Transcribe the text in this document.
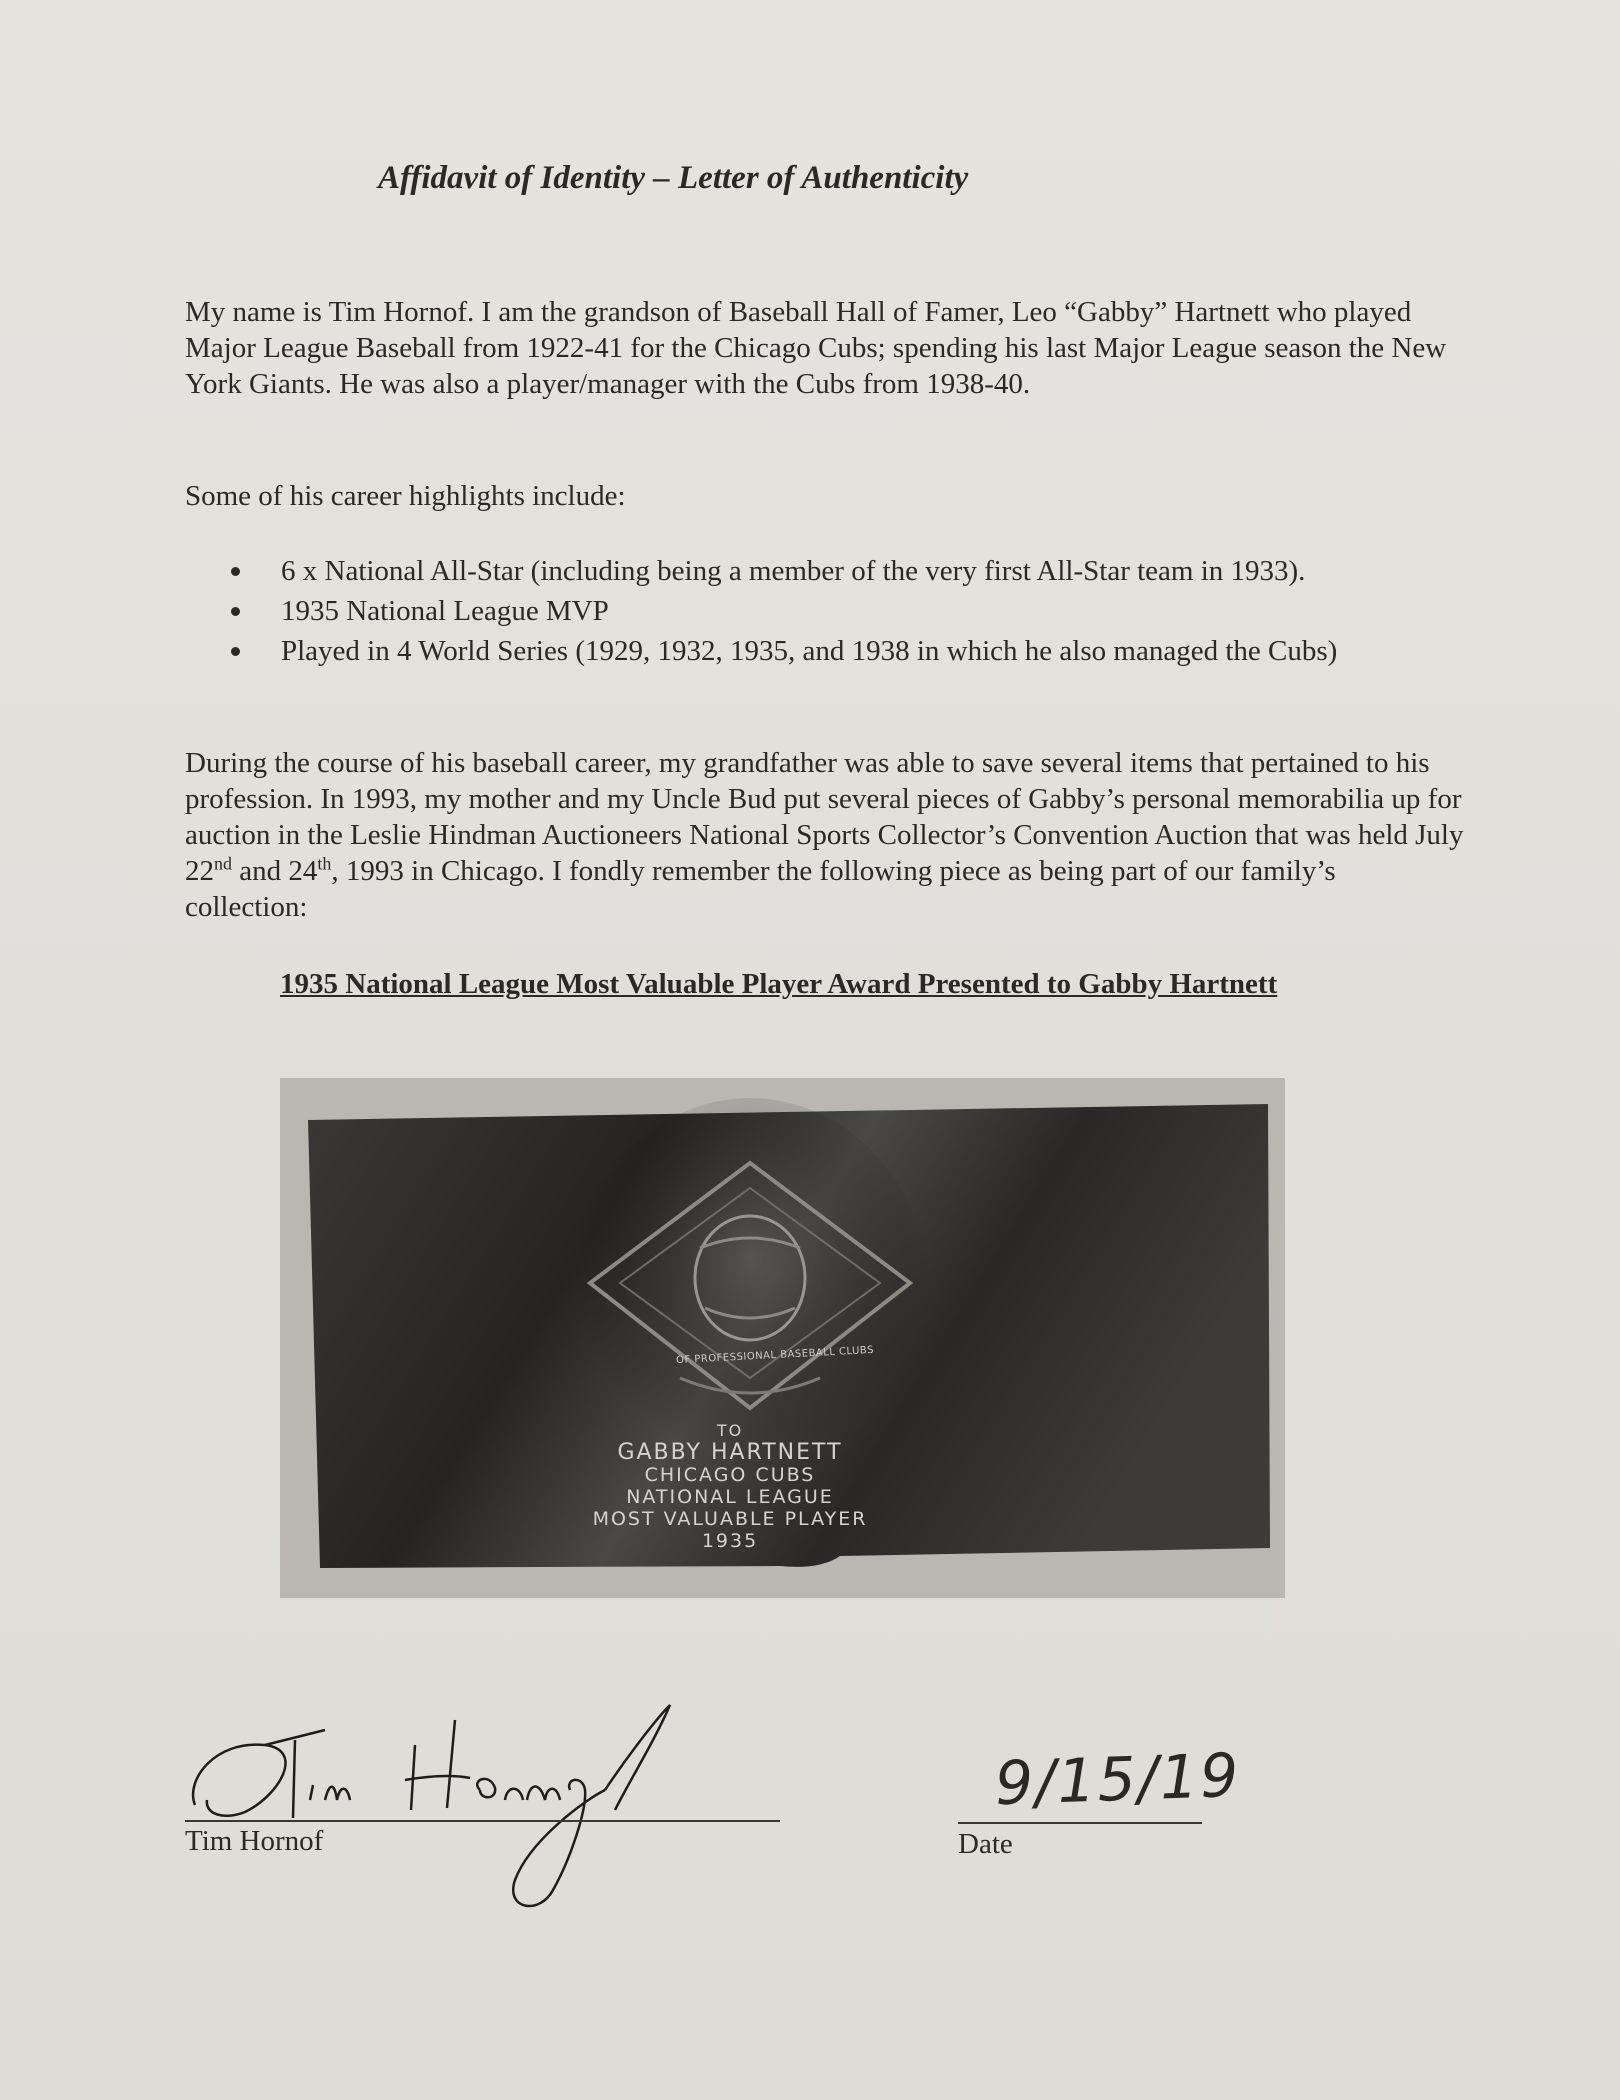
Affidavit of Identity – Letter of Authenticity

My name is Tim Hornof. I am the grandson of Baseball Hall of Famer, Leo “Gabby” Hartnett who played Major League Baseball from 1922-41 for the Chicago Cubs; spending his last Major League season the New York Giants. He was also a player/manager with the Cubs from 1938-40.

Some of his career highlights include:

6 x National All-Star (including being a member of the very first All-Star team in 1933).
1935 National League MVP
Played in 4 World Series (1929, 1932, 1935, and 1938 in which he also managed the Cubs)

During the course of his baseball career, my grandfather was able to save several items that pertained to his profession. In 1993, my mother and my Uncle Bud put several pieces of Gabby’s personal memorabilia up for auction in the Leslie Hindman Auctioneers National Sports Collector’s Convention Auction that was held July 22nd and 24th, 1993 in Chicago. I fondly remember the following piece as being part of our family’s collection:

1935 National League Most Valuable Player Award Presented to Gabby Hartnett
OF PROFESSIONAL BASEBALL CLUBS
TO
GABBY HARTNETT
CHICAGO CUBS
NATIONAL LEAGUE
MOST VALUABLE PLAYER
1935
9/15/19

Tim Hornof	Date
